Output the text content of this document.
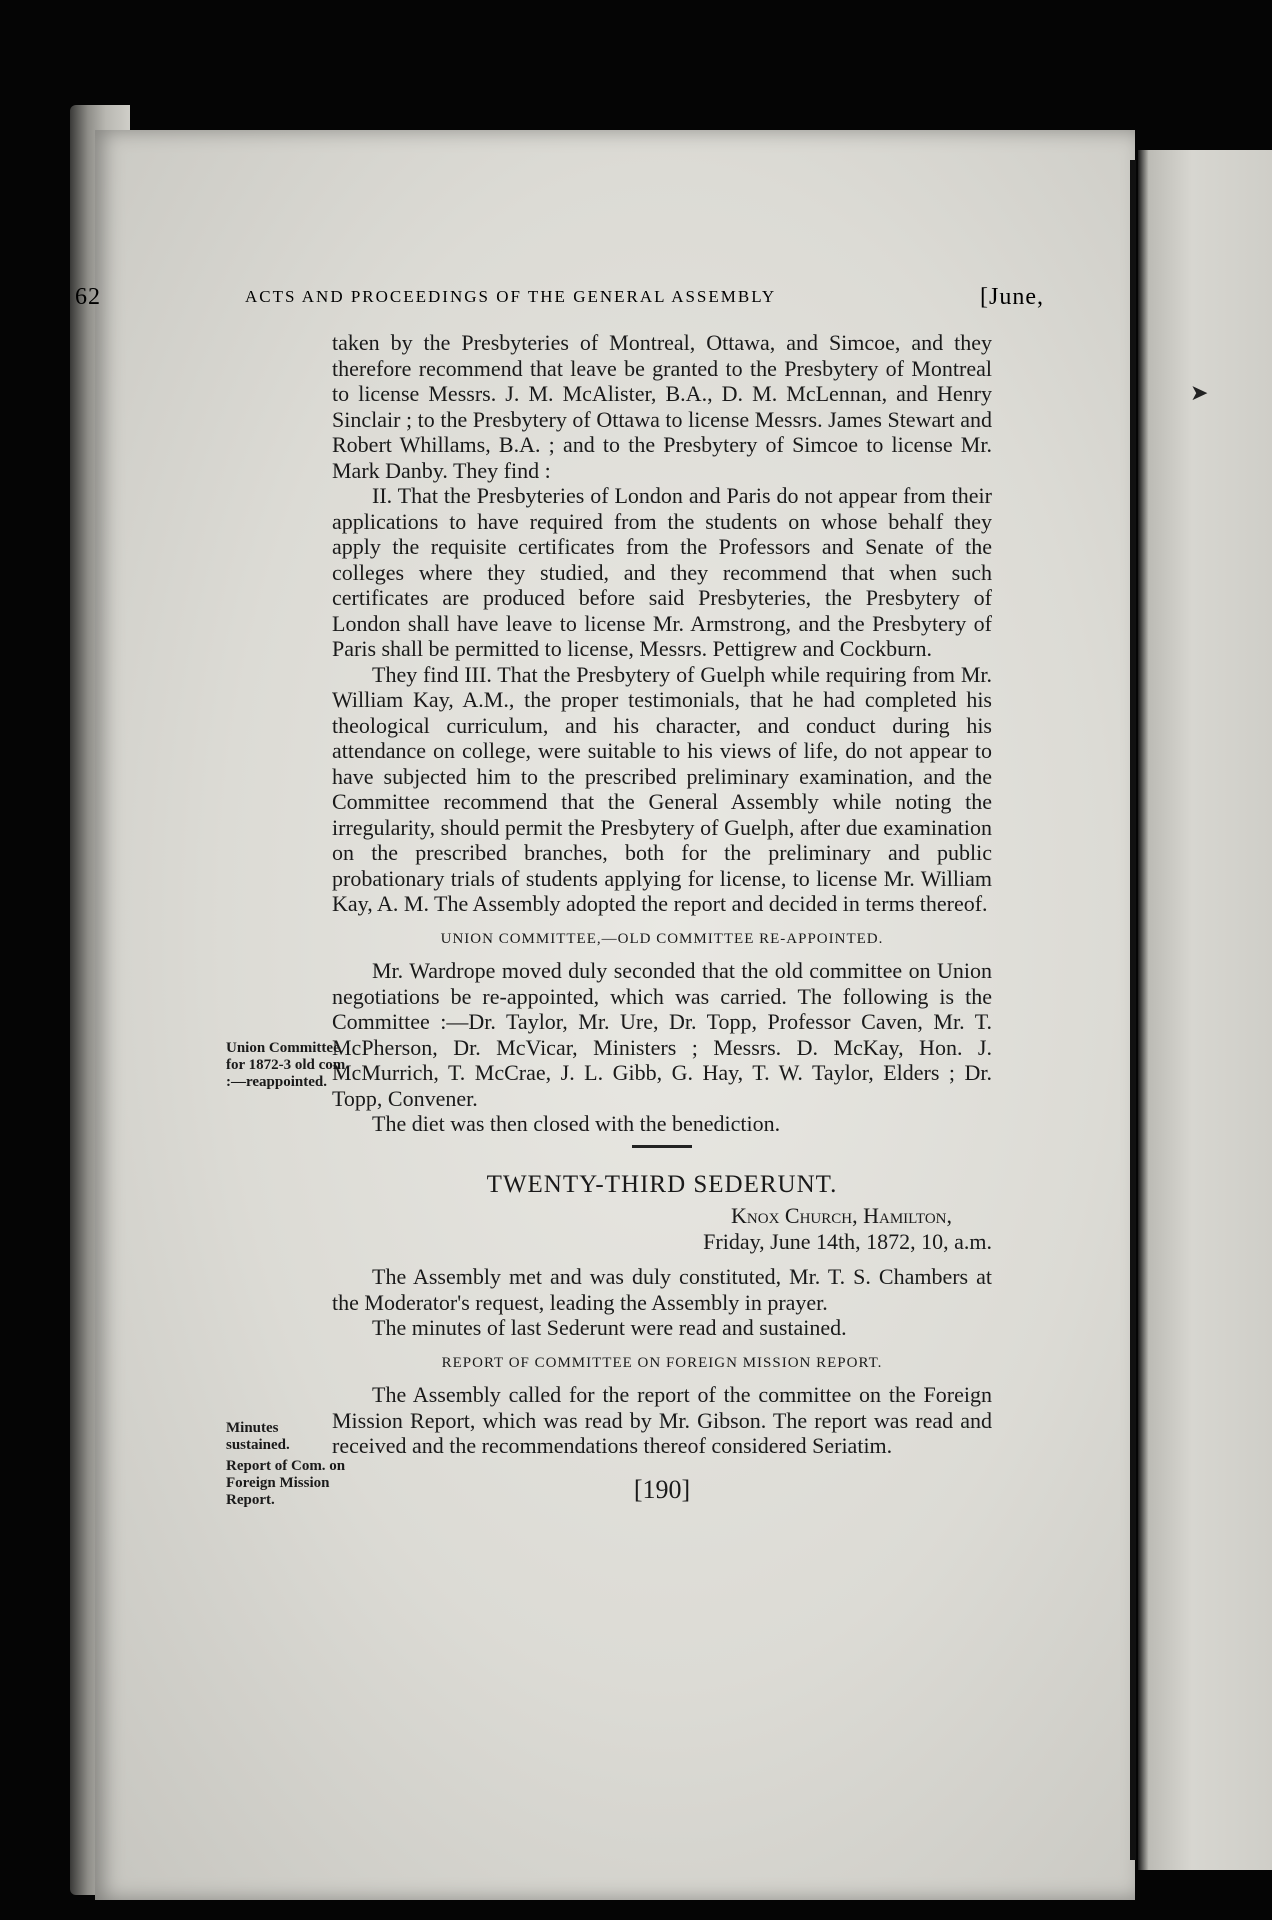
➤
62	ACTS AND PROCEEDINGS OF THE GENERAL ASSEMBLY	[June,

taken by the Presbyteries of Montreal, Ottawa, and Simcoe, and they therefore recommend that leave be granted to the Presbytery of Montreal to license Messrs. J. M. McAlister, B.A., D. M. McLennan, and Henry Sinclair ; to the Presbytery of Ottawa to license Messrs. James Stewart and Robert Whillams, B.A. ; and to the Presbytery of Simcoe to license Mr. Mark Danby. They find :

II. That the Presbyteries of London and Paris do not appear from their applications to have required from the students on whose behalf they apply the requisite certificates from the Professors and Senate of the colleges where they studied, and they recommend that when such certificates are produced before said Presbyteries, the Presbytery of London shall have leave to license Mr. Armstrong, and the Presbytery of Paris shall be permitted to license, Messrs. Pettigrew and Cockburn.

They find III. That the Presbytery of Guelph while requiring from Mr. William Kay, A.M., the proper testimonials, that he had completed his theological curriculum, and his character, and conduct during his attendance on college, were suitable to his views of life, do not appear to have subjected him to the prescribed preliminary examination, and the Committee recommend that the General Assembly while noting the irregularity, should permit the Presbytery of Guelph, after due examination on the prescribed branches, both for the preliminary and public probationary trials of students applying for license, to license Mr. William Kay, A. M. The Assembly adopted the report and decided in terms thereof.

UNION COMMITTEE,—OLD COMMITTEE RE-APPOINTED.

Mr. Wardrope moved duly seconded that the old committee on Union negotiations be re-appointed, which was carried. The following is the Committee :—Dr. Taylor, Mr. Ure, Dr. Topp, Professor Caven, Mr. T. McPherson, Dr. McVicar, Ministers ; Messrs. D. McKay, Hon. J. McMurrich, T. McCrae, J. L. Gibb, G. Hay, T. W. Taylor, Elders ; Dr. Topp, Convener.

The diet was then closed with the benediction.

TWENTY-THIRD SEDERUNT.
Knox Church, Hamilton,
Friday, June 14th, 1872, 10, a.m.

The Assembly met and was duly constituted, Mr. T. S. Chambers at the Moderator's request, leading the Assembly in prayer.

The minutes of last Sederunt were read and sustained.

REPORT OF COMMITTEE ON FOREIGN MISSION REPORT.

The Assembly called for the report of the committee on the Foreign Mission Report, which was read by Mr. Gibson. The report was read and received and the recommendations thereof considered Seriatim.

[190]
Union Committee for 1872-3 old com :—reappointed.
Minutes sustained.
Report of Com. on Foreign Mission Report.
